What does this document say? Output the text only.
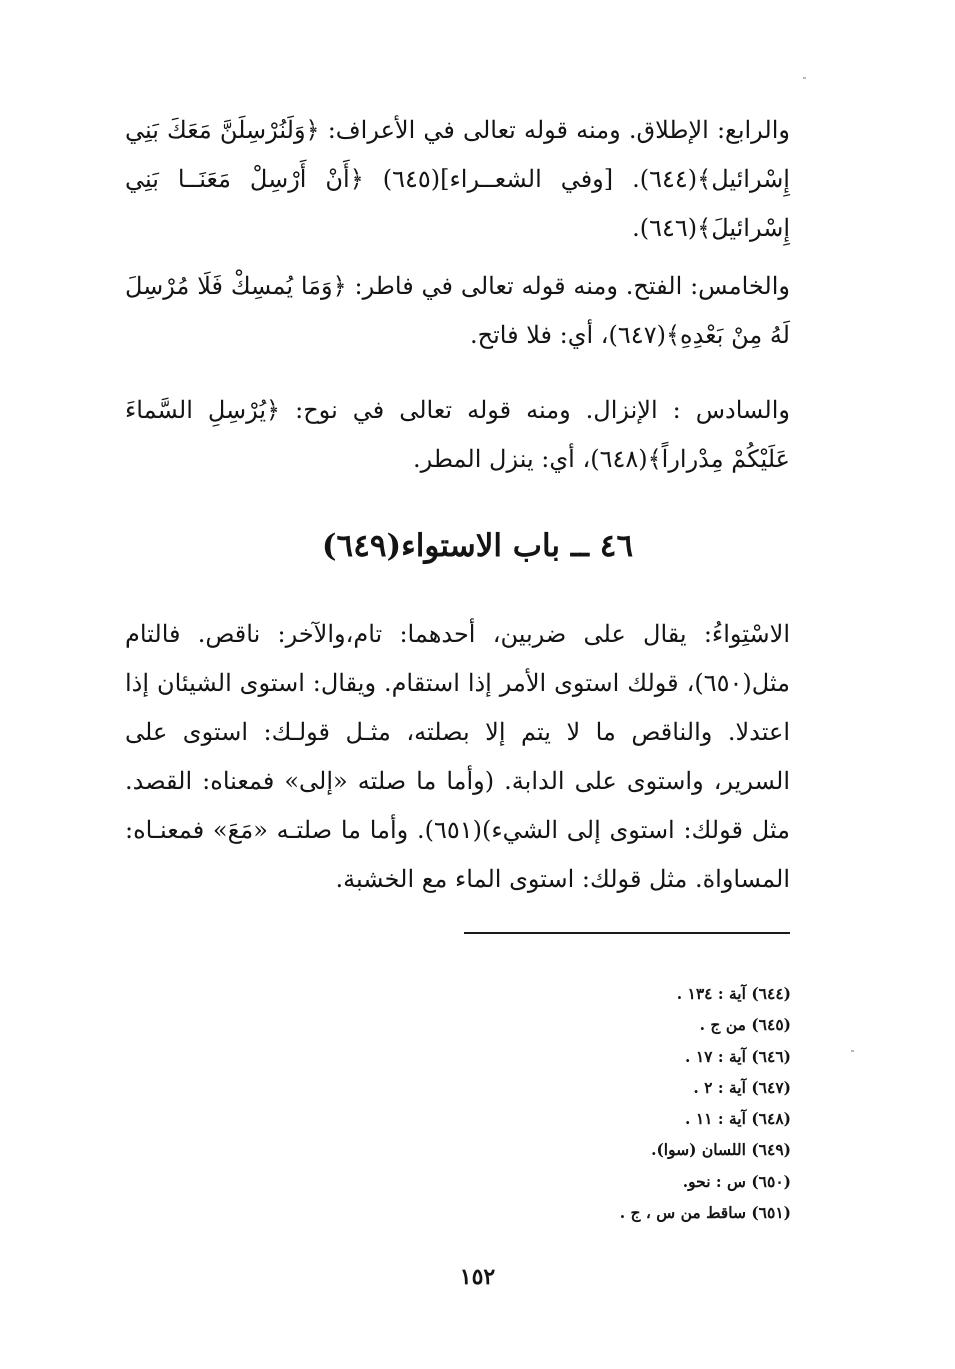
والرابع: الإطلاق. ومنه قوله تعالى في الأعراف: ﴿وَلَنُرْسِلَنَّ مَعَكَ بَنِي إِسْرائيل﴾(٦٤٤). [وفي الشعــراء](٦٤٥) ﴿أَنْ أَرْسِلْ مَعَنَــا بَنِي إِسْرائيلَ﴾(٦٤٦).

والخامس: الفتح. ومنه قوله تعالى في فاطر: ﴿وَمَا يُمسِكْ فَلَا مُرْسِلَ لَهُ مِنْ بَعْدِهِ﴾(٦٤٧)، أي: فلا فاتح.

والسادس : الإنزال. ومنه قوله تعالى في نوح: ﴿يُرْسِلِ السَّماءَ عَلَيْكُمْ مِدْراراً﴾(٦٤٨)، أي: ينزل المطر.

٤٦ ــ باب الاستواء(٦٤٩)

الاسْتِواءُ: يقال على ضربين، أحدهما: تام،والآخر: ناقص. فالتام مثل(٦٥٠)، قولك استوى الأمر إذا استقام. ويقال: استوى الشيئان إذا اعتدلا. والناقص ما لا يتم إلا بصلته، مثـل قولـك: استوى على السرير، واستوى على الدابة. (وأما ما صلته «إلى» فمعناه: القصد. مثل قولك: استوى إلى الشيء)(٦٥١). وأما ما صلتـه «مَعَ» فمعنـاه: المساواة. مثل قولك: استوى الماء مع الخشبة.

(٦٤٤) آية : ١٣٤ .
(٦٤٥) من ج .
(٦٤٦) آية : ١٧ .
(٦٤٧) آية : ٢ .
(٦٤٨) آية : ١١ .
(٦٤٩) اللسان (سوا).
(٦٥٠) س : نحو.
(٦٥١) ساقط من س ، ج .
١٥٢
